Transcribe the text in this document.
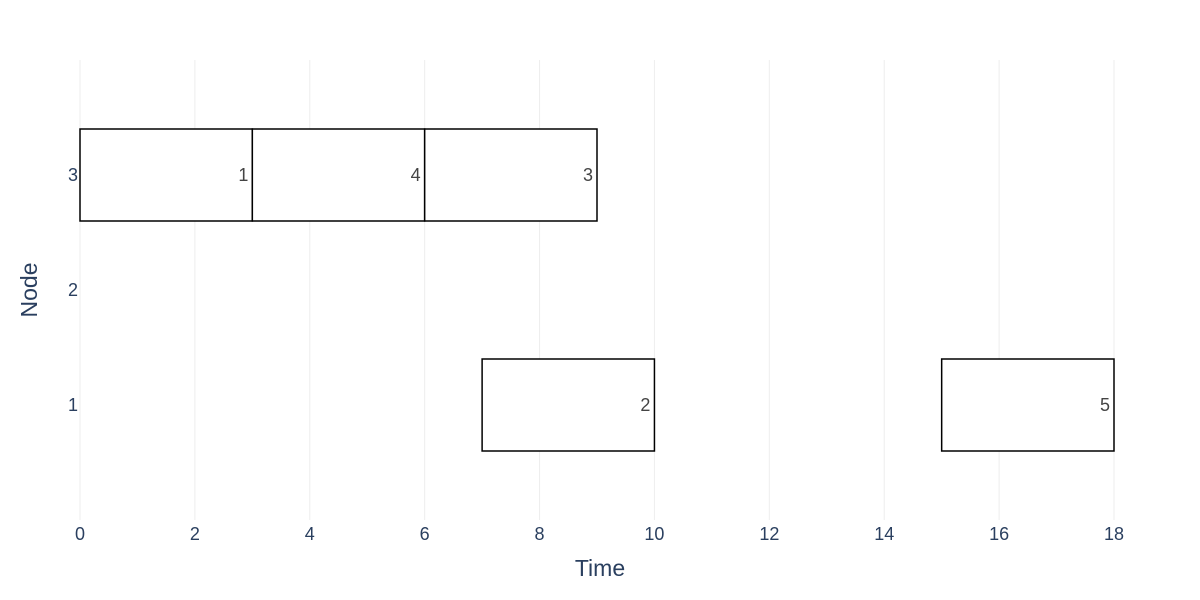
0	2	4	6	8	10	12	14	16	18
1
2
3	1	4	3
2	5
Time
Node
